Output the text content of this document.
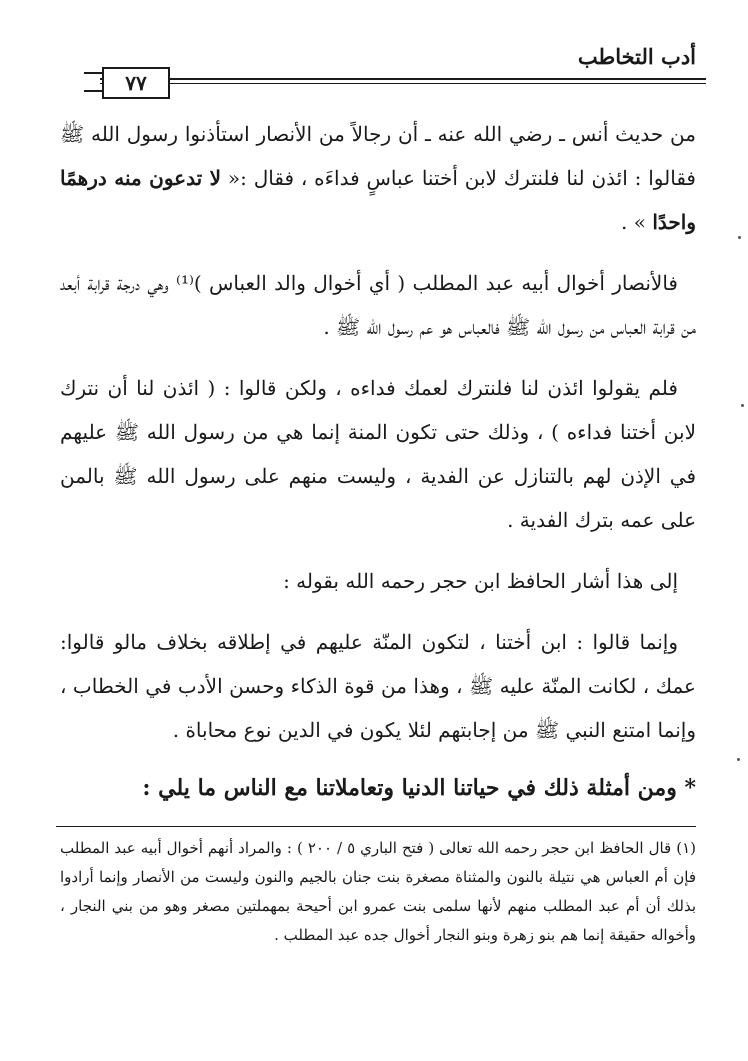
أدب التخاطب
٧٧

من حديث أنس ـ رضي الله عنه ـ أن رجالاً من الأنصار استأذنوا رسول الله ﷺ فقالوا : ائذن لنا فلنترك لابن أختنا عباسٍ فداءَه ، فقال :« لا تدعون منه درهمًا واحدًا » .

فالأنصار أخوال أبيه عبد المطلب ( أي أخوال والد العباس )⁽¹⁾ وهي درجة قرابة أبعد من قرابة العباس من رسول الله ﷺ فالعباس هو عم رسول الله ﷺ .

فلم يقولوا ائذن لنا فلنترك لعمك فداءه ، ولكن قالوا : ( ائذن لنا أن نترك لابن أختنا فداءه ) ، وذلك حتى تكون المنة إنما هي من رسول الله ﷺ عليهم في الإذن لهم بالتنازل عن الفدية ، وليست منهم على رسول الله ﷺ بالمن على عمه بترك الفدية .

إلى هذا أشار الحافظ ابن حجر رحمه الله بقوله :

وإنما قالوا : ابن أختنا ، لتكون المنّة عليهم في إطلاقه بخلاف مالو قالوا: عمك ، لكانت المنّة عليه ﷺ ، وهذا من قوة الذكاء وحسن الأدب في الخطاب ، وإنما امتنع النبي ﷺ من إجابتهم لئلا يكون في الدين نوع محاباة .

* ومن أمثلة ذلك في حياتنا الدنيا وتعاملاتنا مع الناس ما يلي :
(١) قال الحافظ ابن حجر رحمه الله تعالى ( فتح الباري ٥ / ٢٠٠ ) : والمراد أنهم أخوال أبيه عبد المطلب فإن أم العباس هي نتيلة بالنون والمثناة مصغرة بنت جنان بالجيم والنون وليست من الأنصار وإنما أرادوا بذلك أن أم عبد المطلب منهم لأنها سلمى بنت عمرو ابن أحيحة بمهملتين مصغر وهو من بني النجار ، وأخواله حقيقة إنما هم بنو زهرة وبنو النجار أخوال جده عبد المطلب .
